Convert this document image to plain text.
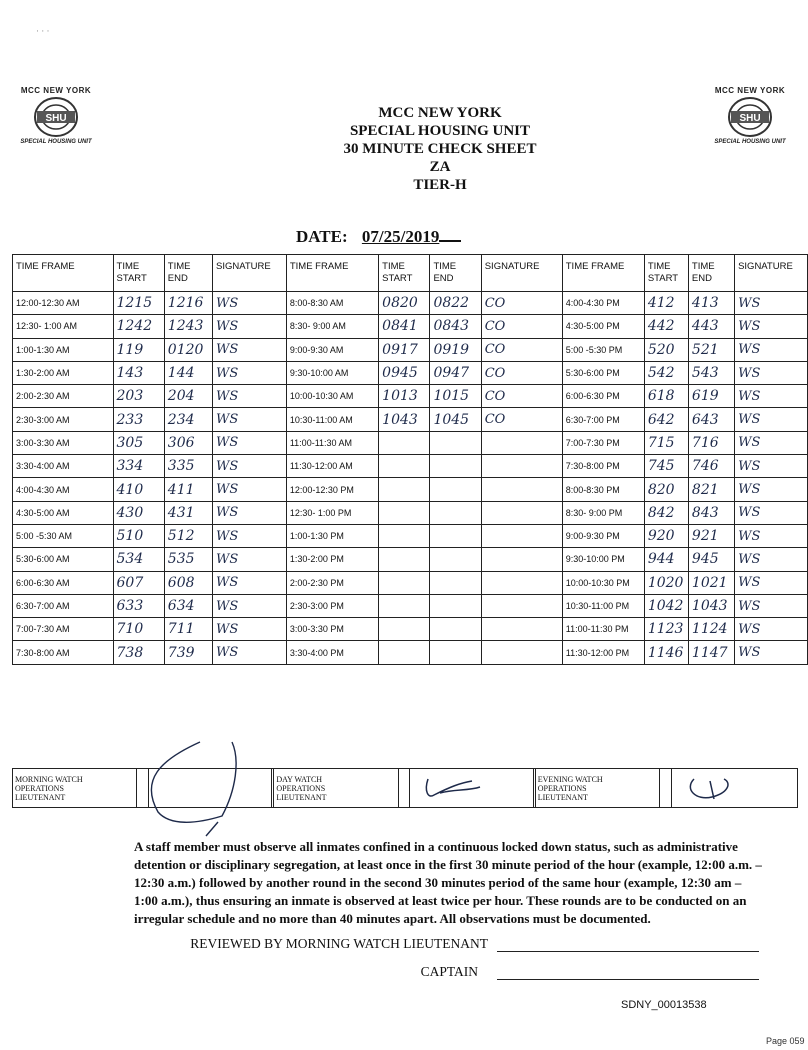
· · ·
MCC NEW YORK
SHU
SPECIAL HOUSING UNIT
MCC NEW YORK
SHU
SPECIAL HOUSING UNIT
MCC NEW YORK
SPECIAL HOUSING UNIT
30 MINUTE CHECK SHEET
ZA
TIER-H
DATE: 07/25/2019
TIME FRAME	TIME START	TIME END	SIGNATURE	TIME FRAME	TIME START	TIME END	SIGNATURE	TIME FRAME	TIME START	TIME END	SIGNATURE
12:00-12:30 AM	1215	1216	WS	8:00-8:30 AM	0820	0822	CO	4:00-4:30 PM	412	413	WS
12:30- 1:00 AM	1242	1243	WS	8:30- 9:00 AM	0841	0843	CO	4:30-5:00 PM	442	443	WS
1:00-1:30 AM	119	0120	WS	9:00-9:30 AM	0917	0919	CO	5:00 -5:30 PM	520	521	WS
1:30-2:00 AM	143	144	WS	9:30-10:00 AM	0945	0947	CO	5:30-6:00 PM	542	543	WS
2:00-2:30 AM	203	204	WS	10:00-10:30 AM	1013	1015	CO	6:00-6:30 PM	618	619	WS
2:30-3:00 AM	233	234	WS	10:30-11:00 AM	1043	1045	CO	6:30-7:00 PM	642	643	WS
3:00-3:30 AM	305	306	WS	11:00-11:30 AM				7:00-7:30 PM	715	716	WS
3:30-4:00 AM	334	335	WS	11:30-12:00 AM				7:30-8:00 PM	745	746	WS
4:00-4:30 AM	410	411	WS	12:00-12:30 PM				8:00-8:30 PM	820	821	WS
4:30-5:00 AM	430	431	WS	12:30- 1:00 PM				8:30- 9:00 PM	842	843	WS
5:00 -5:30 AM	510	512	WS	1:00-1:30 PM				9:00-9:30 PM	920	921	WS
5:30-6:00 AM	534	535	WS	1:30-2:00 PM				9:30-10:00 PM	944	945	WS
6:00-6:30 AM	607	608	WS	2:00-2:30 PM				10:00-10:30 PM	1020	1021	WS
6:30-7:00 AM	633	634	WS	2:30-3:00 PM				10:30-11:00 PM	1042	1043	WS
7:00-7:30 AM	710	711	WS	3:00-3:30 PM				11:00-11:30 PM	1123	1124	WS
7:30-8:00 AM	738	739	WS	3:30-4:00 PM				11:30-12:00 PM	1146	1147	WS
MORNING WATCH
OPERATIONS
LIEUTENANT
DAY WATCH
OPERATIONS
LIEUTENANT
EVENING WATCH
OPERATIONS
LIEUTENANT
A staff member must observe all inmates confined in a continuous locked down status, such as administrative detention or disciplinary segregation, at least once in the first 30 minute period of the hour (example, 12:00 a.m. – 12:30 a.m.) followed by another round in the second 30 minutes period of the same hour (example, 12:30 am – 1:00 a.m.), thus ensuring an inmate is observed at least twice per hour. These rounds are to be conducted on an irregular schedule and no more than 40 minutes apart. All observations must be documented.
REVIEWED BY MORNING WATCH LIEUTENANT
CAPTAIN
SDNY_00013538
Page 059
